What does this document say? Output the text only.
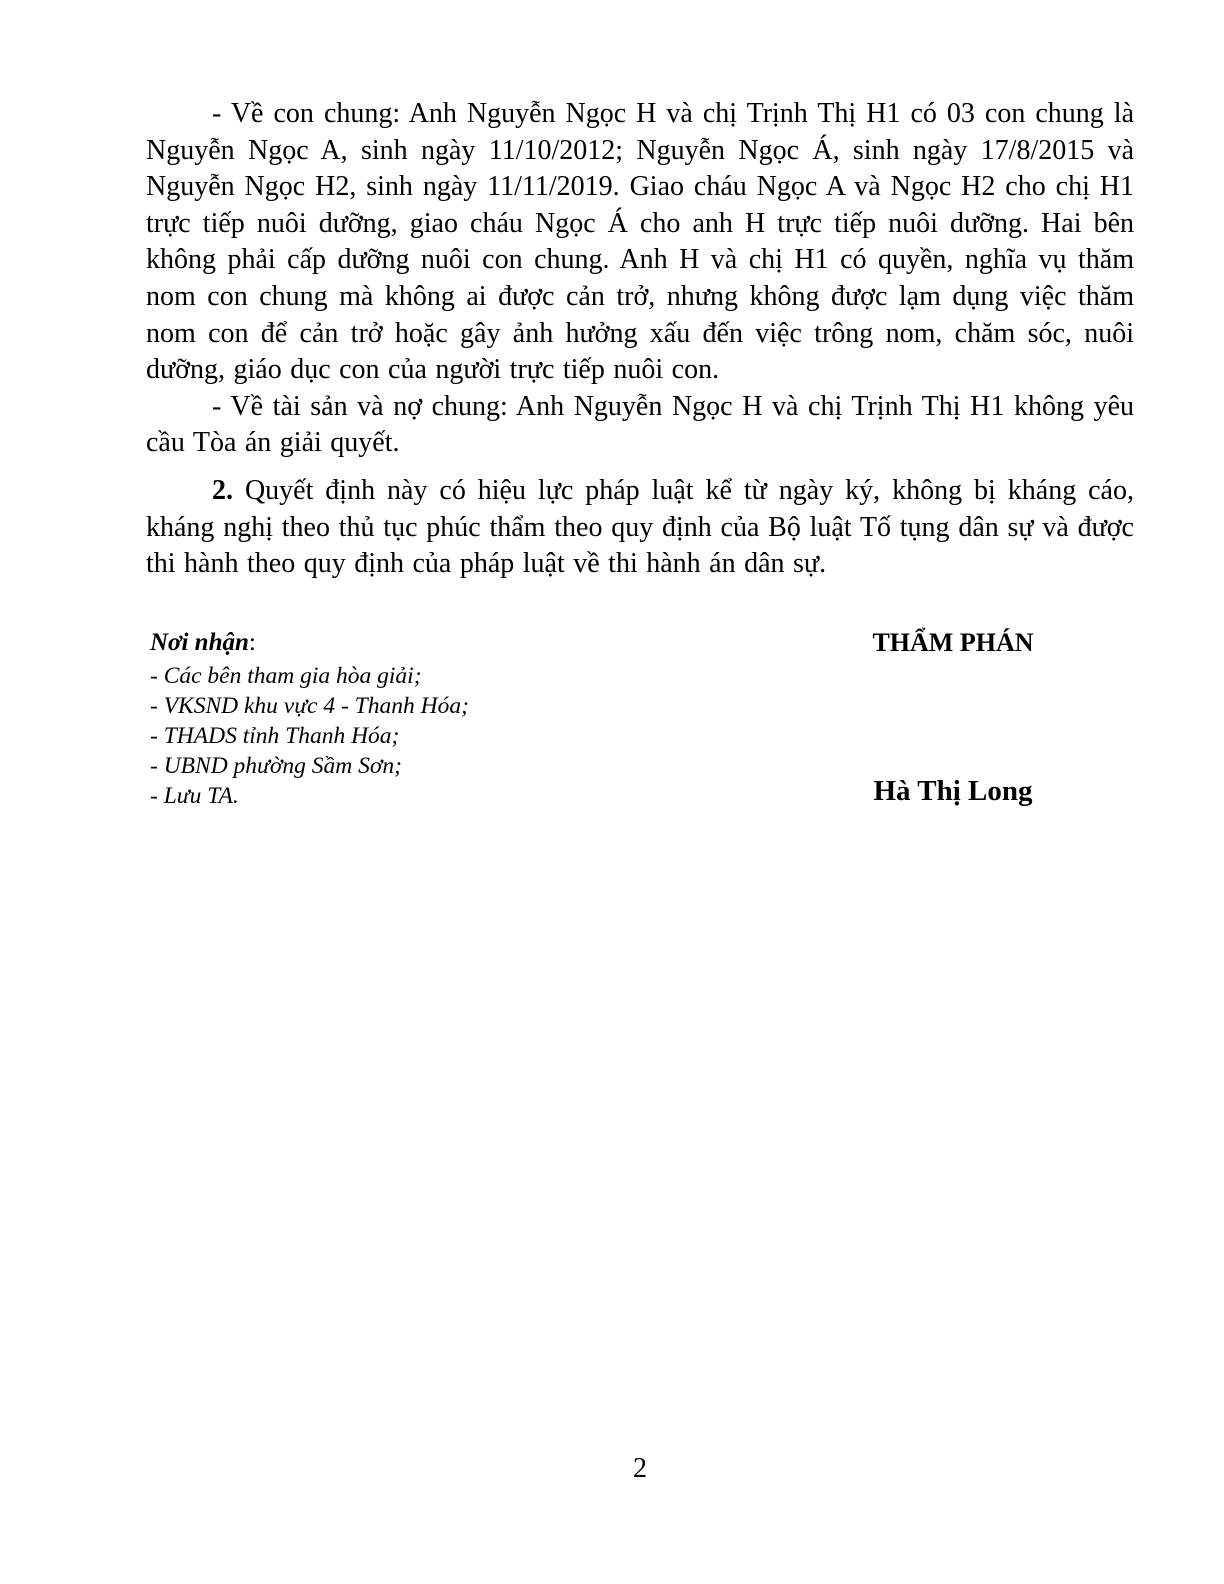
- Về con chung: Anh Nguyễn Ngọc H và chị Trịnh Thị H1 có 03 con chung là Nguyễn Ngọc A, sinh ngày 11/10/2012; Nguyễn Ngọc Á, sinh ngày 17/8/2015 và Nguyễn Ngọc H2, sinh ngày 11/11/2019. Giao cháu Ngọc A và Ngọc H2 cho chị H1 trực tiếp nuôi dưỡng, giao cháu Ngọc Á cho anh H trực tiếp nuôi dưỡng. Hai bên không phải cấp dưỡng nuôi con chung. Anh H và chị H1 có quyền, nghĩa vụ thăm nom con chung mà không ai được cản trở, nhưng không được lạm dụng việc thăm nom con để cản trở hoặc gây ảnh hưởng xấu đến việc trông nom, chăm sóc, nuôi dưỡng, giáo dục con của người trực tiếp nuôi con.

- Về tài sản và nợ chung: Anh Nguyễn Ngọc H và chị Trịnh Thị H1 không yêu cầu Tòa án giải quyết.

2. Quyết định này có hiệu lực pháp luật kể từ ngày ký, không bị kháng cáo, kháng nghị theo thủ tục phúc thẩm theo quy định của Bộ luật Tố tụng dân sự và được thi hành theo quy định của pháp luật về thi hành án dân sự.

Nơi nhận:

- Các bên tham gia hòa giải;
- VKSND khu vực 4 - Thanh Hóa;
- THADS tỉnh Thanh Hóa;
- UBND phường Sầm Sơn;
- Lưu TA.

THẨM PHÁN

Hà Thị Long

2
